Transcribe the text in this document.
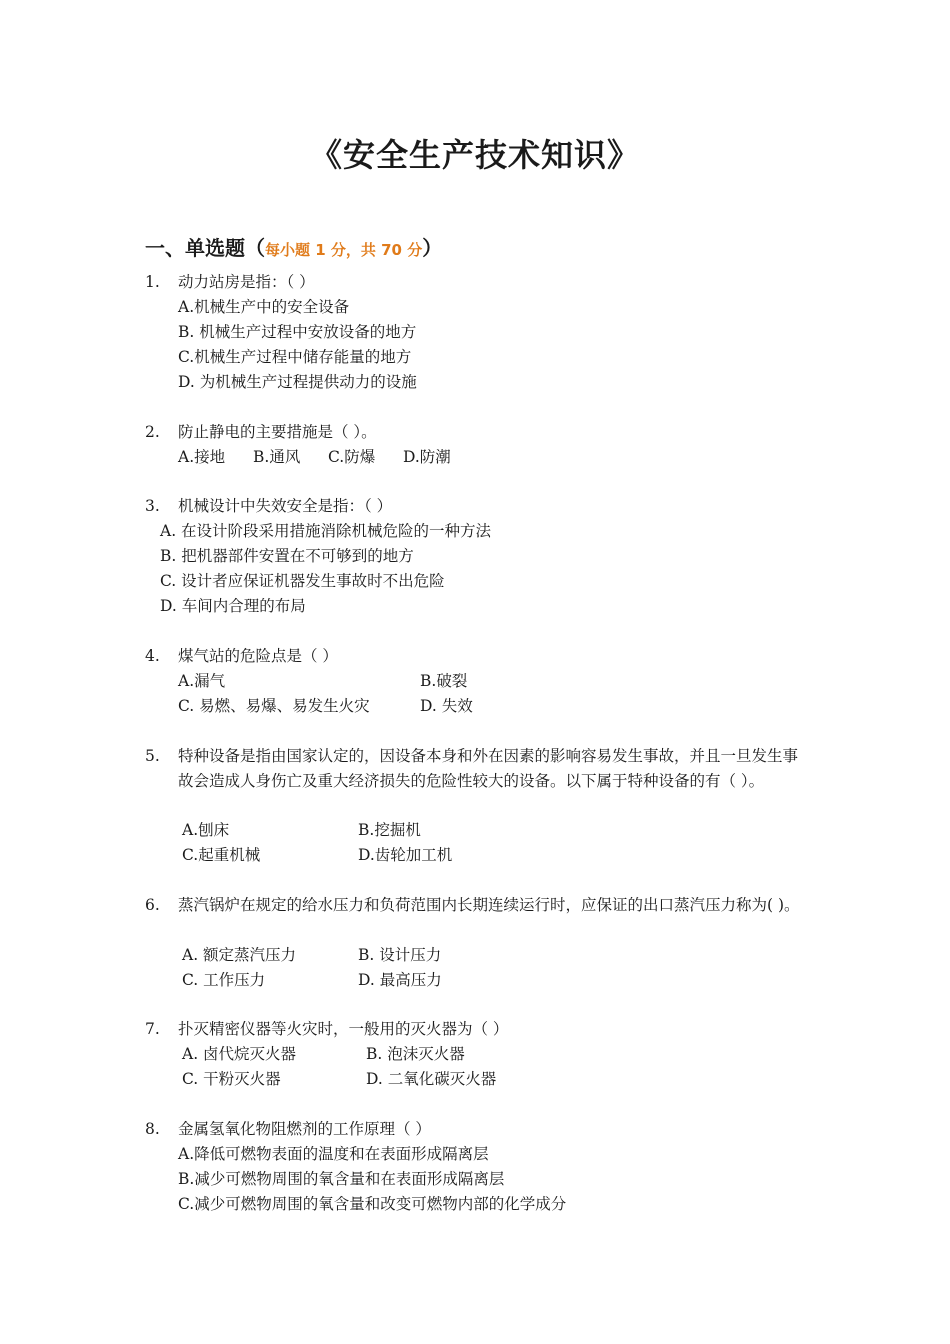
《安全生产技术知识》
一、单选题（每小题 1 分，共 70 分）
1. 动力站房是指：（ ）
A.机械生产中的安全设备
B. 机械生产过程中安放设备的地方
C.机械生产过程中储存能量的地方
D. 为机械生产过程提供动力的设施
2. 防止静电的主要措施是（ ）。
A.接地 B.通风 C.防爆 D.防潮
3. 机械设计中失效安全是指：（ ）
A. 在设计阶段采用措施消除机械危险的一种方法
B. 把机器部件安置在不可够到的地方
C. 设计者应保证机器发生事故时不出危险
D. 车间内合理的布局
4. 煤气站的危险点是（ ）
A.漏气	B.破裂
C. 易燃、易爆、易发生火灾	D. 失效
5. 特种设备是指由国家认定的，因设备本身和外在因素的影响容易发生事故，并且一旦发生事故会造成人身伤亡及重大经济损失的危险性较大的设备。以下属于特种设备的有（ ）。
A.刨床	B.挖掘机
C.起重机械	D.齿轮加工机
6. 蒸汽锅炉在规定的给水压力和负荷范围内长期连续运行时，应保证的出口蒸汽压力称为( )。
A. 额定蒸汽压力	B. 设计压力
C. 工作压力	D. 最高压力
7. 扑灭精密仪器等火灾时，一般用的灭火器为（ ）
A. 卤代烷灭火器	B. 泡沫灭火器
C. 干粉灭火器	D. 二氧化碳灭火器
8. 金属氢氧化物阻燃剂的工作原理（ ）
A.降低可燃物表面的温度和在表面形成隔离层
B.减少可燃物周围的氧含量和在表面形成隔离层
C.减少可燃物周围的氧含量和改变可燃物内部的化学成分
